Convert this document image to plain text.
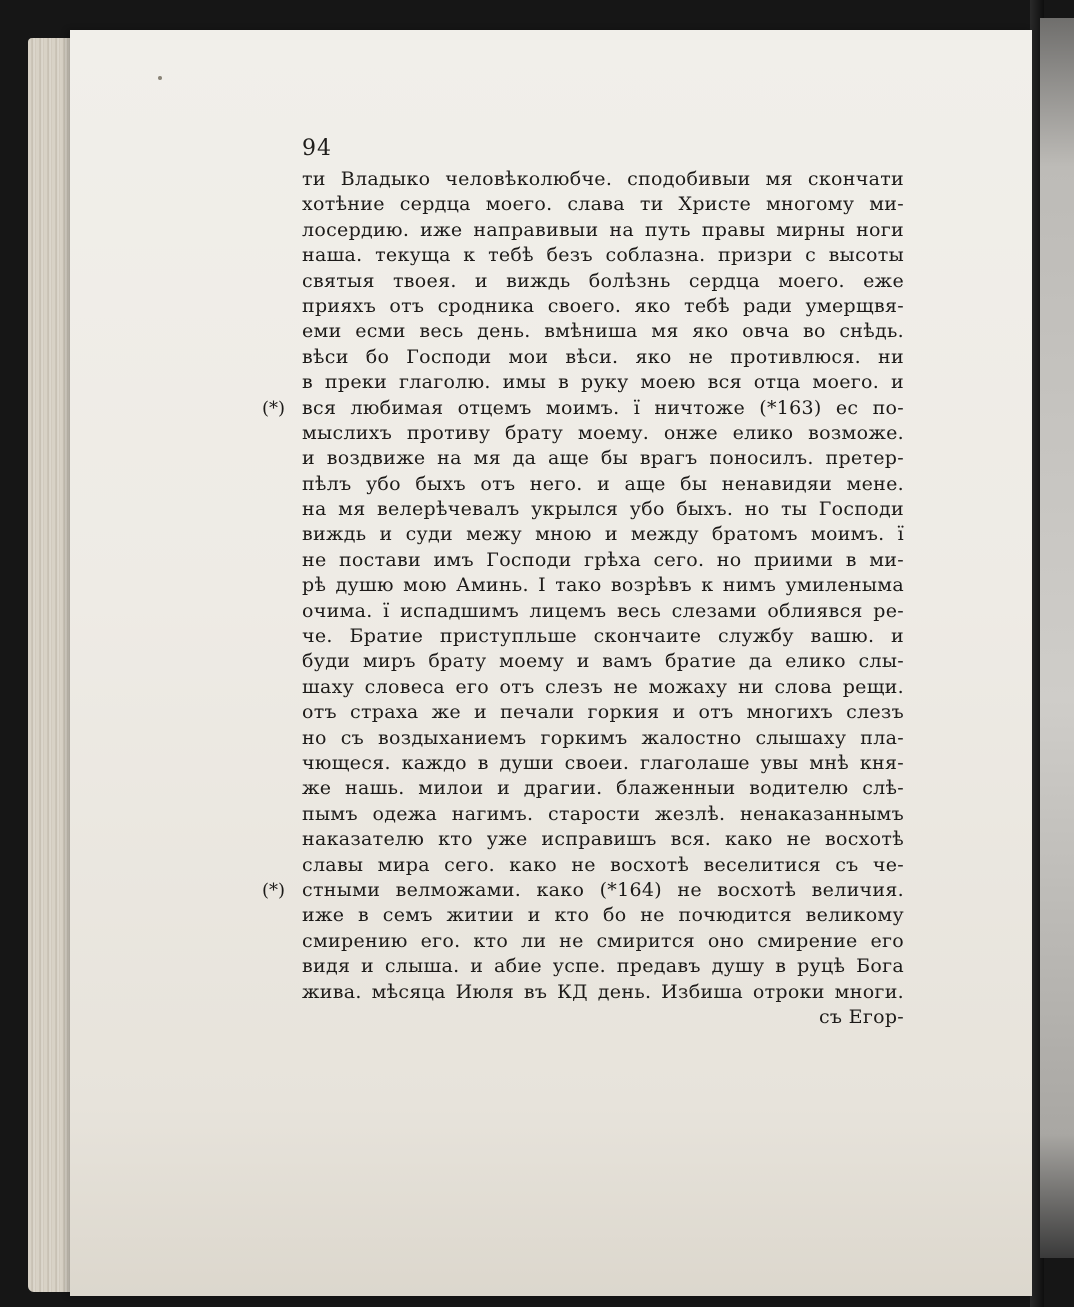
94
(*)
(*)
ти Владыко человѣколюбче. сподобивыи мя скончати
хотѣние сердца моего. слава ти Христе многому ми-
лосердию. иже направивыи на путь правы мирны ноги
наша. текуща к тебѣ безъ соблазна. призри с высоты
святыя твоея. и виждь болѣзнь сердца моего. еже
прияхъ отъ сродника своего. яко тебѣ ради умерщвя-
еми есми весь день. вмѣниша мя яко овча во снѣдь.
вѣси бо Господи мои вѣси. яко не противлюся. ни
в преки глаголю. имы в руку моею вся отца моего. и
вся любимая отцемъ моимъ. ї ничтоже (*163) ес по-
мыслихъ противу брату моему. онже елико возможе.
и воздвиже на мя да аще бы врагъ поносилъ. претер-
пѣлъ убо быхъ отъ него. и аще бы ненавидяи мене.
на мя велерѣчевалъ укрылся убо быхъ. но ты Господи
виждь и суди межу мною и между братомъ моимъ. ї
не постави имъ Господи грѣха сего. но приими в ми-
рѣ душю мою Аминь. І тако возрѣвъ к нимъ умиленыма
очима. ї испадшимъ лицемъ весь слезами облиявся ре-
че. Братие приступльше скончаите службу вашю. и
буди миръ брату моему и вамъ братие да елико слы-
шаху словеса его отъ слезъ не можаху ни слова рещи.
отъ страха же и печали горкия и отъ многихъ слезъ
но съ воздыханиемъ горкимъ жалостно слышаху пла-
чющеся. каждо в души своеи. глаголаше увы мнѣ кня-
же нашь. милои и драгии. блаженныи водителю слѣ-
пымъ одежа нагимъ. старости жезлѣ. ненаказаннымъ
наказателю кто уже исправишъ вся. како не восхотѣ
славы мира сего. како не восхотѣ веселитися съ че-
стными велможами. како (*164) не восхотѣ величия.
иже в семъ житии и кто бо не почюдится великому
смирению его. кто ли не смирится оно смирение его
видя и слыша. и абие успе. предавъ душу в руцѣ Бога
жива. мѣсяца Июля въ КД день. Избиша отроки многи.
съ Егор-
